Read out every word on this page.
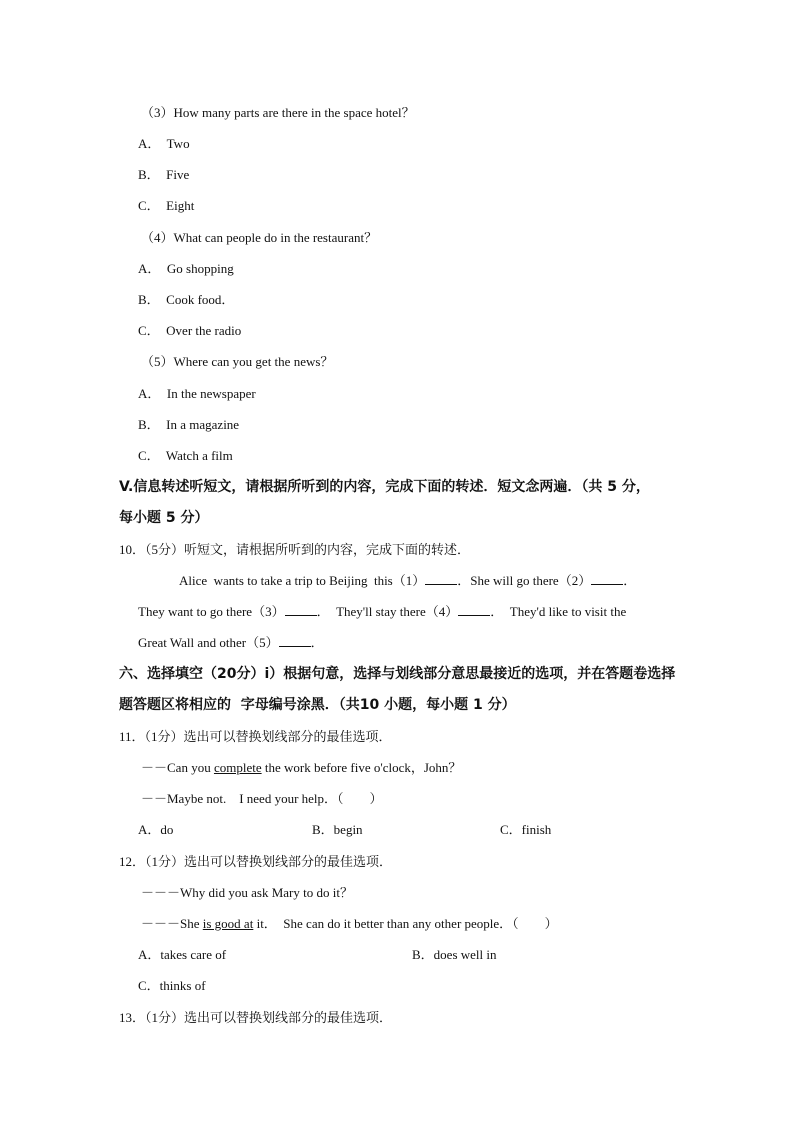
（3）How many parts are there in the space hotel？
A．  Two
B．  Five
C．  Eight
（4）What can people do in the restaurant？
A．  Go shopping
B．  Cook food．
C．  Over the radio
（5）Where can you get the news？
A．  In the newspaper
B．  In a magazine
C．  Watch a film
V.信息转述听短文，请根据所听到的内容，完成下面的转述．短文念两遍．（共 5 分，
每小题 5 分）
10．（5分）听短文，请根据所听到的内容，完成下面的转述．
Alice  wants to take a trip to Beijing  this（1） ．She will go there（2） ．
They want to go there（3） ．  They'll stay there（4） ．  They'd like to visit the
Great Wall and other（5） ．
六、选择填空（20分）i）根据句意，选择与划线部分意思最接近的选项，并在答题卷选择
题答题区将相应的  字母编号涂黑．（共10 小题，每小题 1 分）
11．（1分）选出可以替换划线部分的最佳选项．
－－Can you complete the work before five o'clock，John？
－－Maybe not.    I need your help．（        ）
A．do	B．begin	C．finish
12．（1分）选出可以替换划线部分的最佳选项．
－－－Why did you ask Mary to do it？
－－－She is good at it．  She can do it better than any other people．（        ）
A．takes care of	B．does well in
C．thinks of
13．（1分）选出可以替换划线部分的最佳选项．
